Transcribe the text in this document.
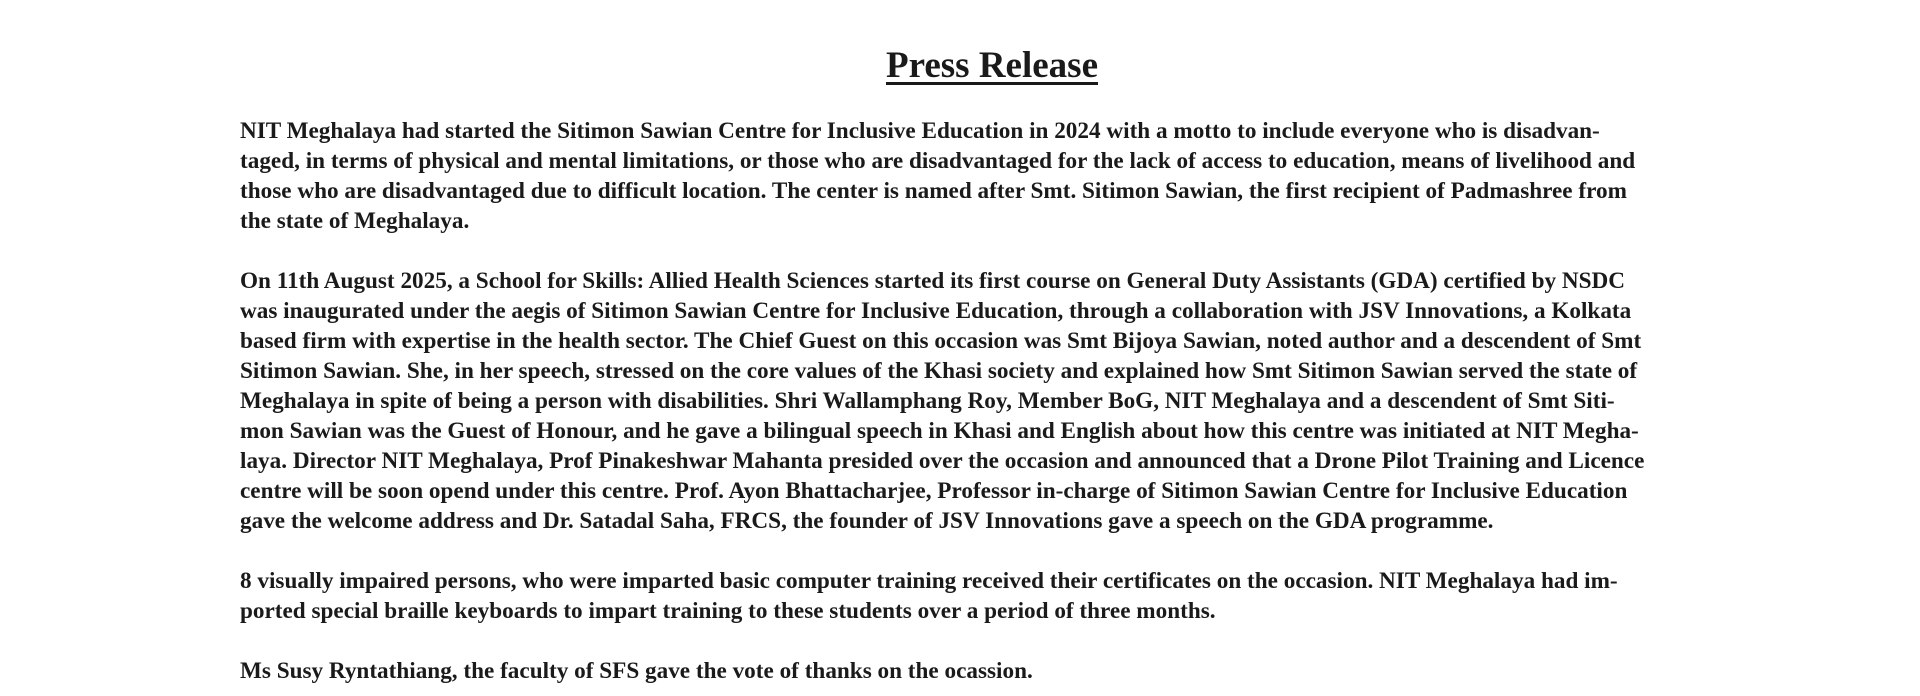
Press Release

NIT Meghalaya had started the Sitimon Sawian Centre for Inclusive Education in 2024 with a motto to include everyone who is disadvan-
taged, in terms of physical and mental limitations, or those who are disadvantaged for the lack of access to education, means of livelihood and
those who are disadvantaged due to difficult location. The center is named after Smt. Sitimon Sawian, the first recipient of Padmashree from
the state of Meghalaya.

On 11th August 2025, a School for Skills: Allied Health Sciences started its first course on General Duty Assistants (GDA) certified by NSDC
was inaugurated under the aegis of Sitimon Sawian Centre for Inclusive Education, through a collaboration with JSV Innovations, a Kolkata
based firm with expertise in the health sector. The Chief Guest on this occasion was Smt Bijoya Sawian, noted author and a descendent of Smt
Sitimon Sawian. She, in her speech, stressed on the core values of the Khasi society and explained how Smt Sitimon Sawian served the state of
Meghalaya in spite of being a person with disabilities. Shri Wallamphang Roy, Member BoG, NIT Meghalaya and a descendent of Smt Siti-
mon Sawian was the Guest of Honour, and he gave a bilingual speech in Khasi and English about how this centre was initiated at NIT Megha-
laya. Director NIT Meghalaya, Prof Pinakeshwar Mahanta presided over the occasion and announced that a Drone Pilot Training and Licence
centre will be soon opend under this centre. Prof. Ayon Bhattacharjee, Professor in-charge of Sitimon Sawian Centre for Inclusive Education
gave the welcome address and Dr. Satadal Saha, FRCS, the founder of JSV Innovations gave a speech on the GDA programme.

8 visually impaired persons, who were imparted basic computer training received their certificates on the occasion. NIT Meghalaya had im-
ported special braille keyboards to impart training to these students over a period of three months.

Ms Susy Ryntathiang, the faculty of SFS gave the vote of thanks on the ocassion.
